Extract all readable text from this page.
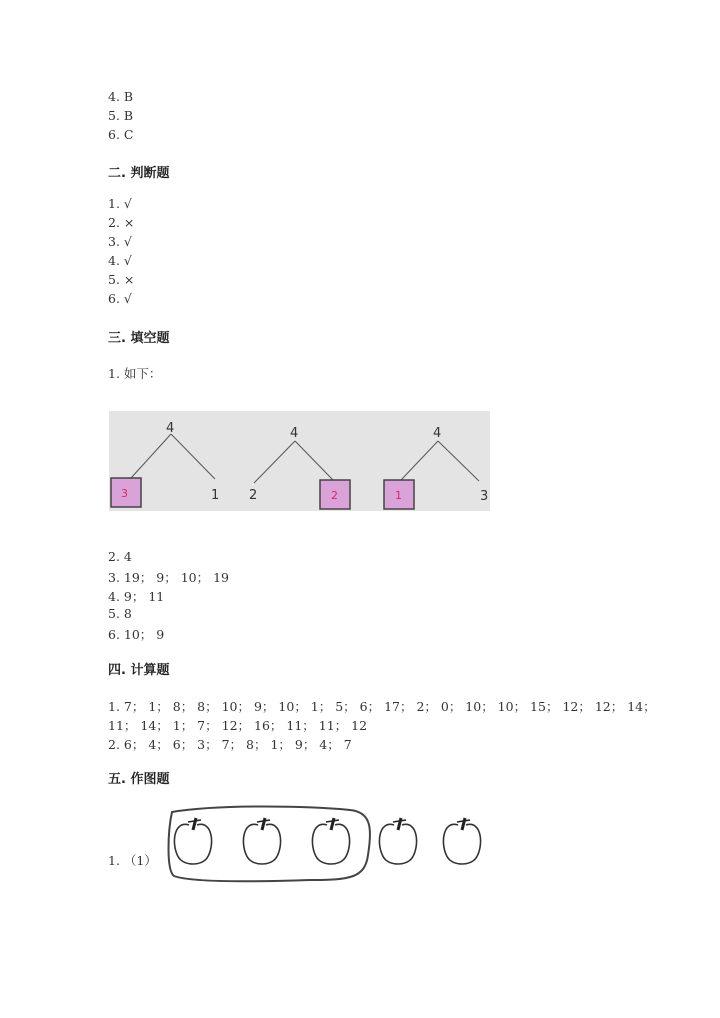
4. B
5. B
6. C
二. 判断题
1. √
2. ×
3. √
4. √
5. ×
6. √
三. 填空题
1. 如下：
4
3	1
4
2	2
4
1	3
2. 4
3. 19； 9； 10； 19
4. 9； 11
5. 8
6. 10； 9
四. 计算题
1. 7； 1； 8； 8； 10； 9； 10； 1； 5； 6； 17； 2； 0； 10； 10； 15； 12； 12； 14；
11； 14； 1； 7； 12； 16； 11； 11； 12
2. 6； 4； 6； 3； 7； 8； 1； 9； 4； 7
五. 作图题
1. （1）
